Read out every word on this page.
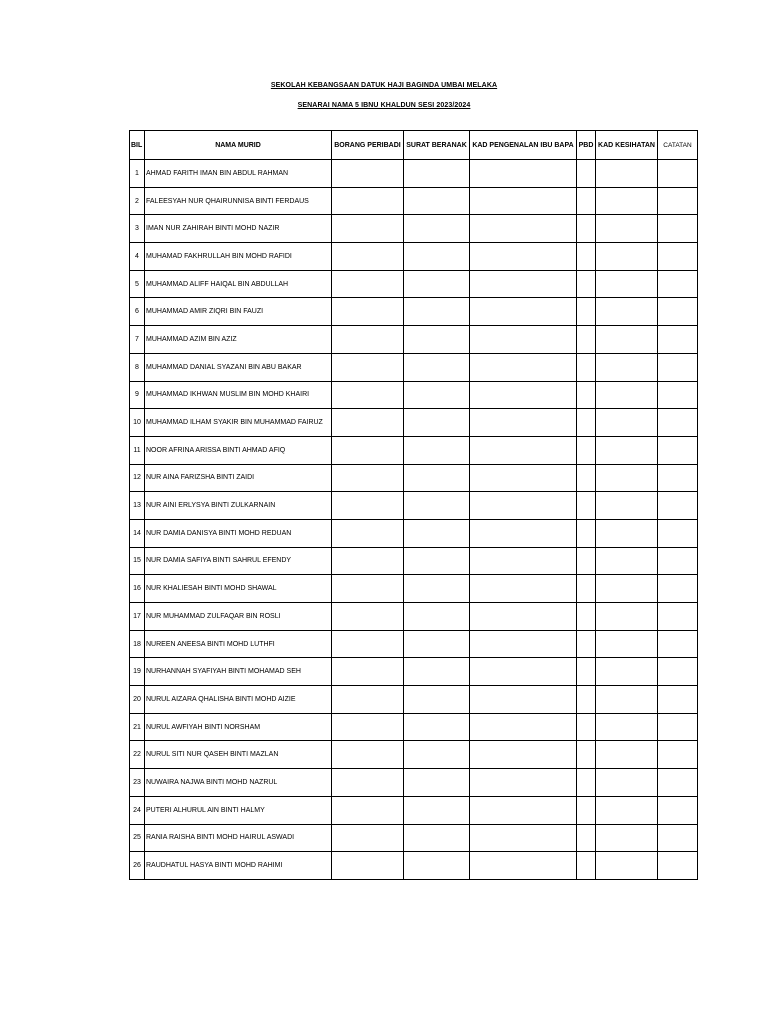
SEKOLAH KEBANGSAAN DATUK HAJI BAGINDA UMBAI MELAKA
SENARAI NAMA 5 IBNU KHALDUN SESI 2023/2024
BIL	NAMA MURID	BORANG PERIBADI	SURAT BERANAK	KAD PENGENALAN IBU BAPA	PBD	KAD KESIHATAN	CATATAN
1	AHMAD FARITH IMAN BIN ABDUL RAHMAN						
2	FALEESYAH NUR QHAIRUNNISA BINTI FERDAUS						
3	IMAN NUR ZAHIRAH BINTI MOHD NAZIR						
4	MUHAMAD FAKHRULLAH BIN MOHD RAFIDI						
5	MUHAMMAD ALIFF HAIQAL BIN ABDULLAH						
6	MUHAMMAD AMIR ZIQRI BIN FAUZI						
7	MUHAMMAD AZIM BIN AZIZ						
8	MUHAMMAD DANIAL SYAZANI BIN ABU BAKAR						
9	MUHAMMAD IKHWAN MUSLIM BIN MOHD KHAIRI						
10	MUHAMMAD ILHAM SYAKIR BIN MUHAMMAD FAIRUZ						
11	NOOR AFRINA ARISSA BINTI AHMAD AFIQ						
12	NUR AINA FARIZSHA BINTI ZAIDI						
13	NUR AINI ERLYSYA BINTI ZULKARNAIN						
14	NUR DAMIA DANISYA BINTI MOHD REDUAN						
15	NUR DAMIA SAFIYA BINTI SAHRUL EFENDY						
16	NUR KHALIESAH BINTI MOHD SHAWAL						
17	NUR MUHAMMAD ZULFAQAR BIN ROSLI						
18	NUREEN ANEESA BINTI MOHD LUTHFI						
19	NURHANNAH SYAFIYAH BINTI MOHAMAD SEH						
20	NURUL AIZARA QHALISHA BINTI MOHD AIZIE						
21	NURUL AWFIYAH BINTI NORSHAM						
22	NURUL SITI NUR QASEH BINTI MAZLAN						
23	NUWAIRA NAJWA BINTI MOHD NAZRUL						
24	PUTERI ALHURUL AIN BINTI HALMY						
25	RANIA RAISHA BINTI MOHD HAIRUL ASWADI						
26	RAUDHATUL HASYA BINTI MOHD RAHIMI						
